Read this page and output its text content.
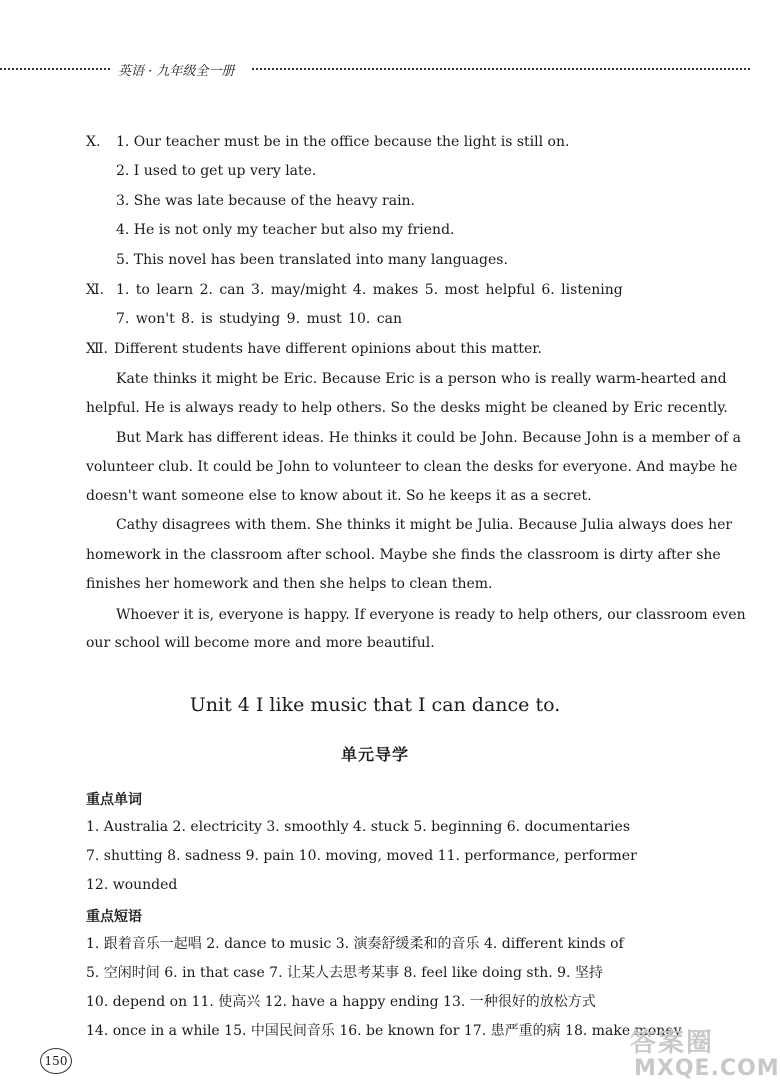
英语 · 九年级全一册
Ⅹ. 1. Our teacher must be in the office because the light is still on.
2. I used to get up very late.
3. She was late because of the heavy rain.
4. He is not only my teacher but also my friend.
5. This novel has been translated into many languages.
Ⅺ. 1. to learn 2. can 3. may/might 4. makes 5. most helpful 6. listening
7. won't 8. is studying 9. must 10. can
Ⅻ. Different students have different opinions about this matter.
Kate thinks it might be Eric. Because Eric is a person who is really warm-hearted and
helpful. He is always ready to help others. So the desks might be cleaned by Eric recently.
But Mark has different ideas. He thinks it could be John. Because John is a member of a
volunteer club. It could be John to volunteer to clean the desks for everyone. And maybe he
doesn't want someone else to know about it. So he keeps it as a secret.
Cathy disagrees with them. She thinks it might be Julia. Because Julia always does her
homework in the classroom after school. Maybe she finds the classroom is dirty after she
finishes her homework and then she helps to clean them.
Whoever it is, everyone is happy. If everyone is ready to help others, our classroom even
our school will become more and more beautiful.
Unit 4 I like music that I can dance to.
单元导学
重点单词
1. Australia 2. electricity 3. smoothly 4. stuck 5. beginning 6. documentaries
7. shutting 8. sadness 9. pain 10. moving, moved 11. performance, performer
12. wounded
重点短语
1. 跟着音乐一起唱 2. dance to music 3. 演奏舒缓柔和的音乐 4. different kinds of
5. 空闲时间 6. in that case 7. 让某人去思考某事 8. feel like doing sth. 9. 坚持
10. depend on 11. 使高兴 12. have a happy ending 13. 一种很好的放松方式
14. once in a while 15. 中国民间音乐 16. be known for 17. 患严重的病 18. make money
150
答案圈
MXQE.COM
